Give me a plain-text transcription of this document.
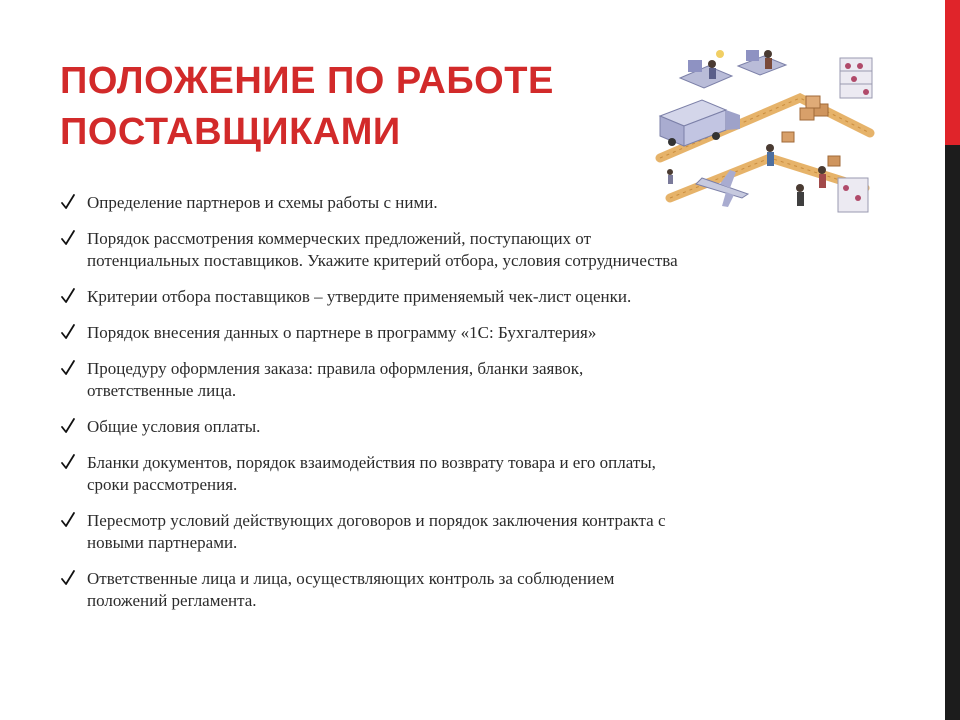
ПОЛОЖЕНИЕ ПО РАБОТЕ
ПОСТАВЩИКАМИ
Определение партнеров и схемы работы с ними.
Порядок рассмотрения коммерческих предложений, поступающих от
потенциальных поставщиков. Укажите критерий отбора, условия сотрудничества
Критерии отбора поставщиков – утвердите применяемый чек-лист оценки.
Порядок внесения данных о партнере в программу «1С: Бухгалтерия»
Процедуру оформления заказа: правила оформления, бланки заявок,
ответственные лица.
Общие условия оплаты.
Бланки документов, порядок взаимодействия по возврату товара и его оплаты,
сроки рассмотрения.
Пересмотр условий действующих договоров и порядок заключения контракта с
новыми партнерами.
Ответственные лица и лица, осуществляющих контроль за соблюдением
положений регламента.
